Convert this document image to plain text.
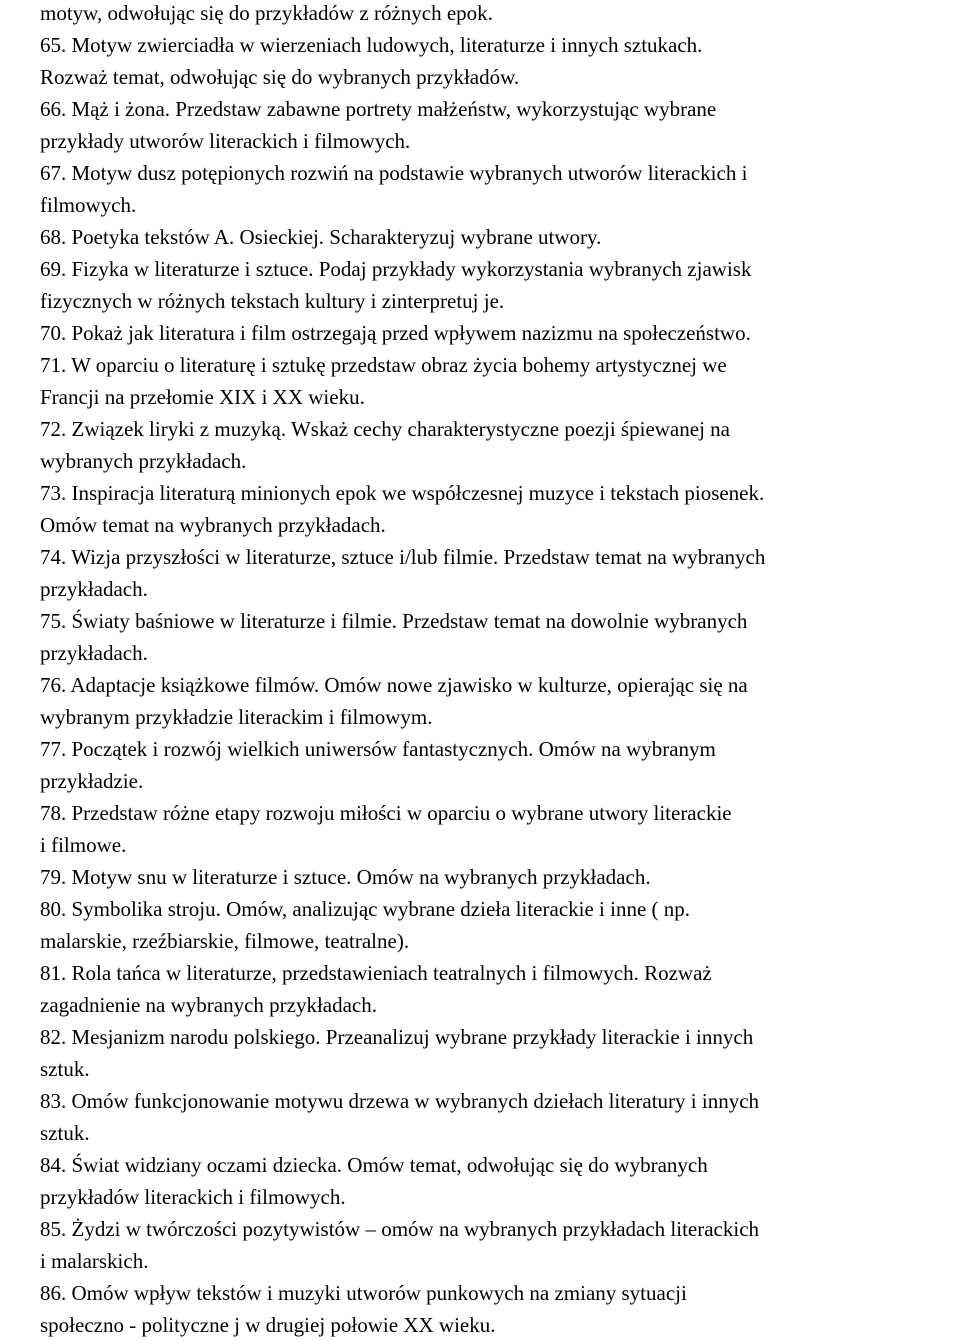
motyw, odwołując się do przykładów z różnych epok.
65. Motyw zwierciadła w wierzeniach ludowych, literaturze i innych sztukach.
Rozważ temat, odwołując się do wybranych przykładów.
66. Mąż i żona. Przedstaw zabawne portrety małżeństw, wykorzystując wybrane
przykłady utworów literackich i filmowych.
67. Motyw dusz potępionych rozwiń na podstawie wybranych utworów literackich i
filmowych.
68. Poetyka tekstów A. Osieckiej. Scharakteryzuj wybrane utwory.
69. Fizyka w literaturze i sztuce. Podaj przykłady wykorzystania wybranych zjawisk
fizycznych w różnych tekstach kultury i zinterpretuj je.
70. Pokaż jak literatura i film ostrzegają przed wpływem nazizmu na społeczeństwo.
71. W oparciu o literaturę i sztukę przedstaw obraz życia bohemy artystycznej we
Francji na przełomie XIX i XX wieku.
72. Związek liryki z muzyką. Wskaż cechy charakterystyczne poezji śpiewanej na
wybranych przykładach.
73. Inspiracja literaturą minionych epok we współczesnej muzyce i tekstach piosenek.
Omów temat na wybranych przykładach.
74. Wizja przyszłości w literaturze, sztuce i/lub filmie. Przedstaw temat na wybranych
przykładach.
75. Światy baśniowe w literaturze i filmie. Przedstaw temat na dowolnie wybranych
przykładach.
76. Adaptacje książkowe filmów. Omów nowe zjawisko w kulturze, opierając się na
wybranym przykładzie literackim i filmowym.
77. Początek i rozwój wielkich uniwersów fantastycznych. Omów na wybranym
przykładzie.
78. Przedstaw różne etapy rozwoju miłości w oparciu o wybrane utwory literackie
i filmowe.
79. Motyw snu w literaturze i sztuce. Omów na wybranych przykładach.
80. Symbolika stroju. Omów, analizując wybrane dzieła literackie i inne ( np.
malarskie, rzeźbiarskie, filmowe, teatralne).
81. Rola tańca w literaturze, przedstawieniach teatralnych i filmowych. Rozważ
zagadnienie na wybranych przykładach.
82. Mesjanizm narodu polskiego. Przeanalizuj wybrane przykłady literackie i innych
sztuk.
83. Omów funkcjonowanie motywu drzewa w wybranych dziełach literatury i innych
sztuk.
84. Świat widziany oczami dziecka. Omów temat, odwołując się do wybranych
przykładów literackich i filmowych.
85. Żydzi w twórczości pozytywistów – omów na wybranych przykładach literackich
i malarskich.
86. Omów wpływ tekstów i muzyki utworów punkowych na zmiany sytuacji
społeczno - polityczne j w drugiej połowie XX wieku.
